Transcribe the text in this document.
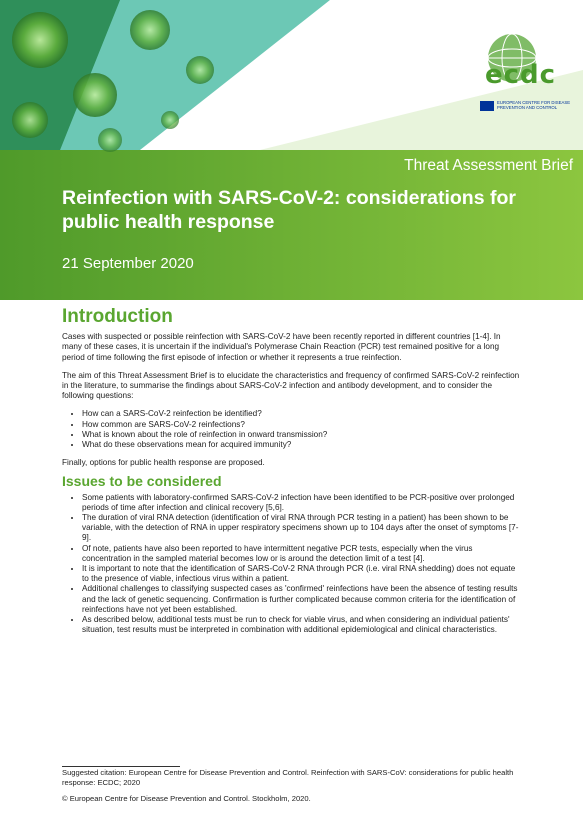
ecdc
EUROPEAN CENTRE FOR DISEASE PREVENTION AND CONTROL
Threat Assessment Brief
Reinfection with SARS-CoV-2: considerations for public health response
21 September 2020
Introduction

Cases with suspected or possible reinfection with SARS-CoV-2 have been recently reported in different countries [1-4]. In many of these cases, it is uncertain if the individual's Polymerase Chain Reaction (PCR) test remained positive for a long period of time following the first episode of infection or whether it represents a true reinfection.

The aim of this Threat Assessment Brief is to elucidate the characteristics and frequency of confirmed SARS-CoV-2 reinfection in the literature, to summarise the findings about SARS-CoV-2 infection and antibody development, and to consider the following questions:

• How can a SARS-CoV-2 reinfection be identified?
• How common are SARS-CoV-2 reinfections?
• What is known about the role of reinfection in onward transmission?
• What do these observations mean for acquired immunity?

Finally, options for public health response are proposed.

Issues to be considered
• Some patients with laboratory-confirmed SARS-CoV-2 infection have been identified to be PCR-positive over prolonged periods of time after infection and clinical recovery [5,6].
• The duration of viral RNA detection (identification of viral RNA through PCR testing in a patient) has been shown to be variable, with the detection of RNA in upper respiratory specimens shown up to 104 days after the onset of symptoms [7-9].
• Of note, patients have also been reported to have intermittent negative PCR tests, especially when the virus concentration in the sampled material becomes low or is around the detection limit of a test [4].
• It is important to note that the identification of SARS-CoV-2 RNA through PCR (i.e. viral RNA shedding) does not equate to the presence of viable, infectious virus within a patient.
• Additional challenges to classifying suspected cases as 'confirmed' reinfections have been the absence of testing results and the lack of genetic sequencing. Confirmation is further complicated because common criteria for the identification of reinfections have not yet been established.
• As described below, additional tests must be run to check for viable virus, and when considering an individual patients' situation, test results must be interpreted in combination with additional epidemiological and clinical characteristics.

Suggested citation: European Centre for Disease Prevention and Control. Reinfection with SARS-CoV: considerations for public health response: ECDC; 2020

© European Centre for Disease Prevention and Control. Stockholm, 2020.
